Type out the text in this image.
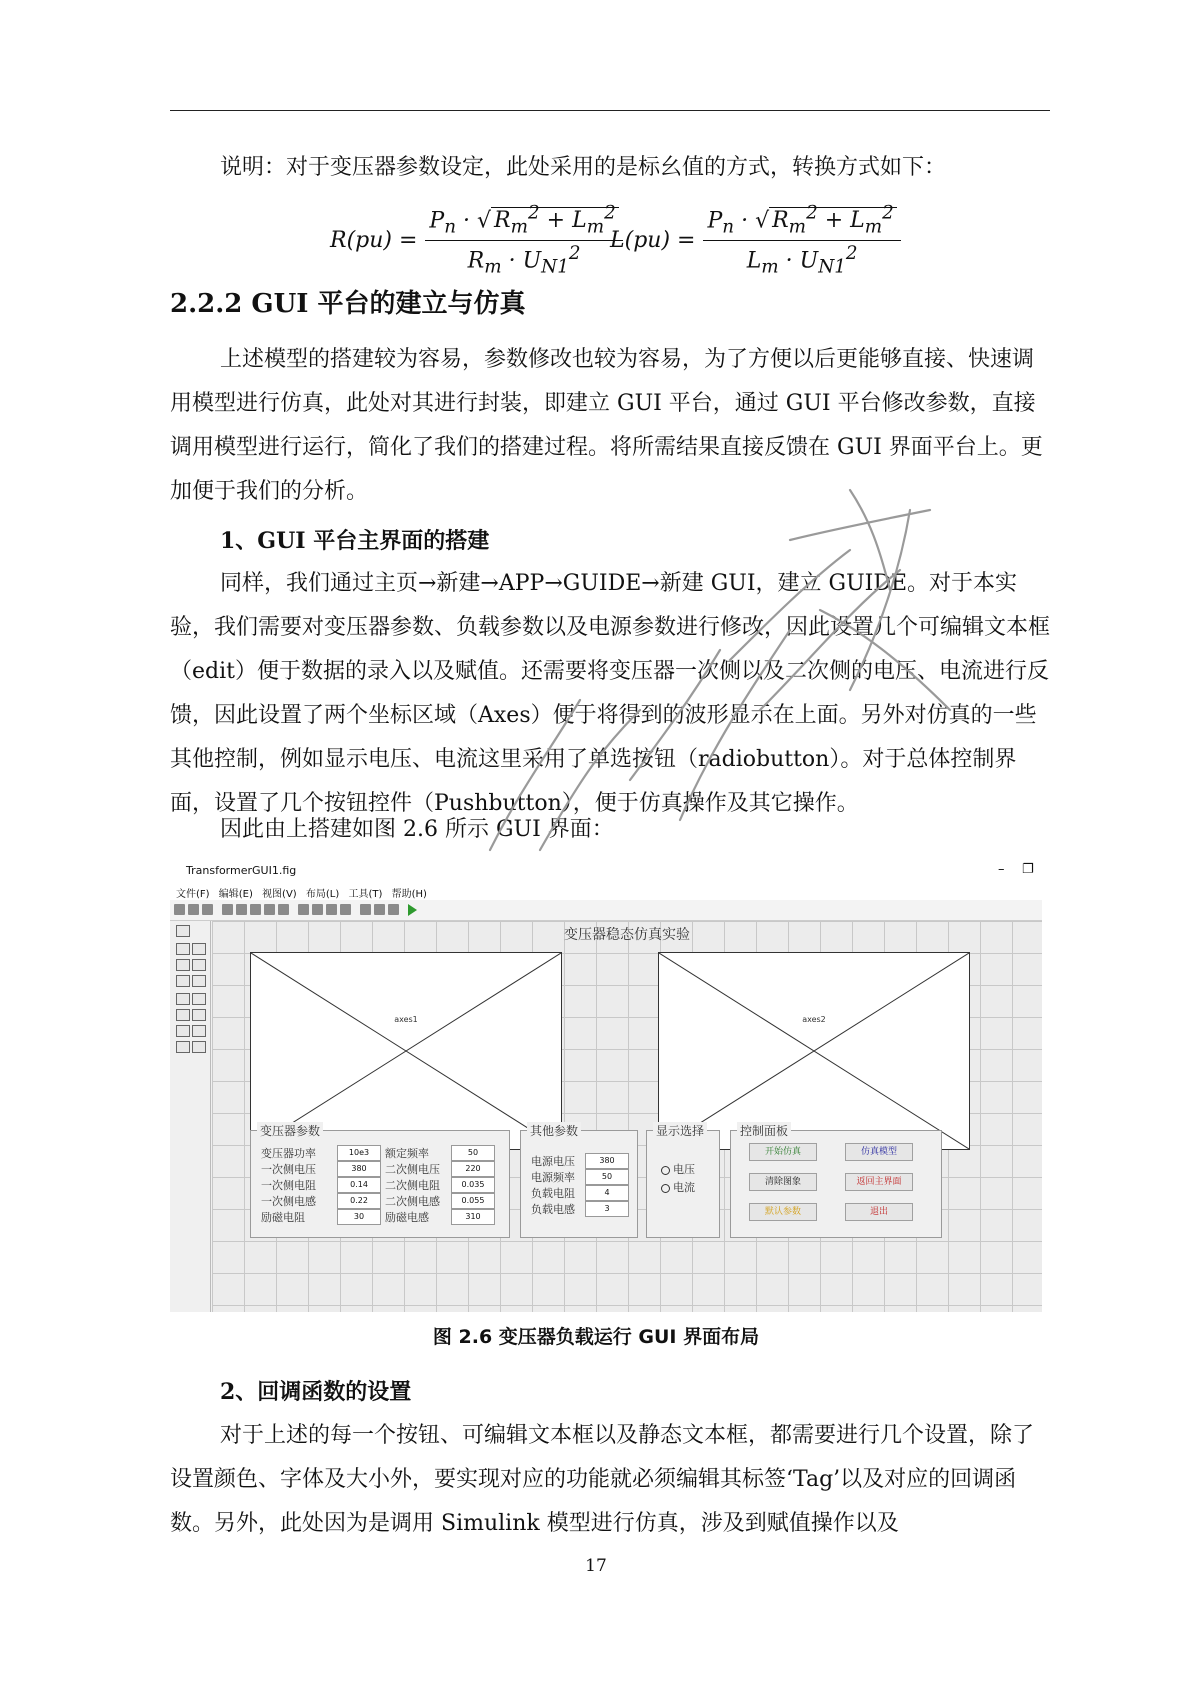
说明：对于变压器参数设定，此处采用的是标幺值的方式，转换方式如下：
$R(pu) = \frac{P_n \cdot √ R_m^2 + L_m^2}{R_m \cdot U_{N1}^2}$
$L(pu) = \frac{P_n \cdot √ R_m^2 + L_m^2}{L_m \cdot U_{N1}^2}$
2.2.2 GUI 平台的建立与仿真
上述模型的搭建较为容易，参数修改也较为容易，为了方便以后更能够直接、快速调用模型进行仿真，此处对其进行封装，即建立 GUI 平台，通过 GUI 平台修改参数，直接调用模型进行运行，简化了我们的搭建过程。将所需结果直接反馈在 GUI 界面平台上。更加便于我们的分析。
1、GUI 平台主界面的搭建
同样，我们通过主页→新建→APP→GUIDE→新建 GUI，建立 GUIDE。对于本实验，我们需要对变压器参数、负载参数以及电源参数进行修改，因此设置几个可编辑文本框（edit）便于数据的录入以及赋值。还需要将变压器一次侧以及二次侧的电压、电流进行反馈，因此设置了两个坐标区域（Axes）便于将得到的波形显示在上面。另外对仿真的一些其他控制，例如显示电压、电流这里采用了单选按钮（radiobutton）。对于总体控制界面，设置了几个按钮控件（Pushbutton），便于仿真操作及其它操作。
因此由上搭建如图 2.6 所示 GUI 界面：
TransformerGUI1.fig	– ❐
文件(F) 编辑(E) 视图(V) 布局(L) 工具(T) 帮助(H)
变压器稳态仿真实验
axes1	axes2
变压器参数
变压器功率	10e3
一次侧电压	380
一次侧电阻	0.14
一次侧电感	0.22
励磁电阻	30
额定频率	50
二次侧电压	220
二次侧电阻	0.035
二次侧电感	0.055
励磁电感	310
其他参数
电源电压	380
电源频率	50
负载电阻	4
负载电感	3
显示选择
电压
电流
控制面板
开始仿真	仿真模型
清除图象	返回主界面
默认参数	退出
图 2.6 变压器负载运行 GUI 界面布局
2、回调函数的设置
对于上述的每一个按钮、可编辑文本框以及静态文本框，都需要进行几个设置，除了设置颜色、字体及大小外，要实现对应的功能就必须编辑其标签‘Tag’以及对应的回调函数。另外，此处因为是调用 Simulink 模型进行仿真，涉及到赋值操作以及
17
